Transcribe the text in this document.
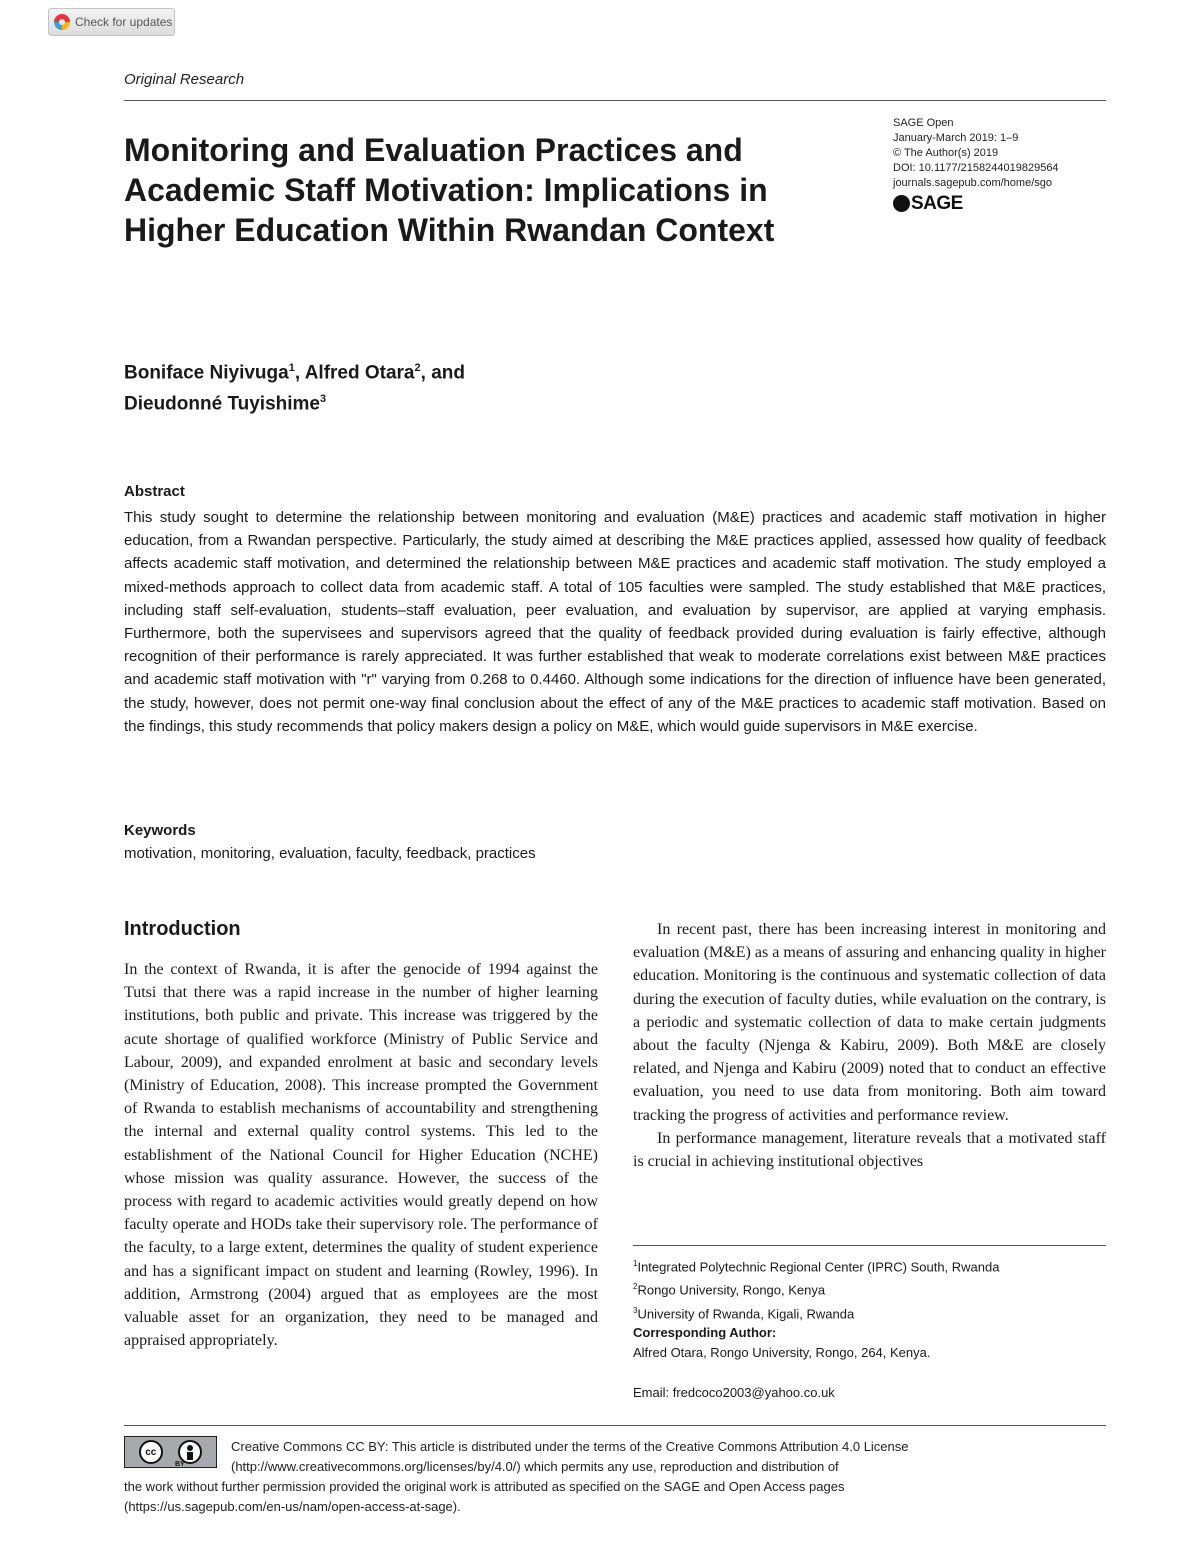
Check for updates
Original Research
Monitoring and Evaluation Practices and Academic Staff Motivation: Implications in Higher Education Within Rwandan Context
SAGE Open
January-March 2019: 1–9
© The Author(s) 2019
DOI: 10.1177/2158244019829564
journals.sagepub.com/home/sgo
SAGE
Boniface Niyivuga$^1$, Alfred Otara$^2$, and
Dieudonné Tuyishime$^3$
Abstract

This study sought to determine the relationship between monitoring and evaluation (M&E) practices and academic staff motivation in higher education, from a Rwandan perspective. Particularly, the study aimed at describing the M&E practices applied, assessed how quality of feedback affects academic staff motivation, and determined the relationship between M&E practices and academic staff motivation. The study employed a mixed-methods approach to collect data from academic staff. A total of 105 faculties were sampled. The study established that M&E practices, including staff self-evaluation, students–staff evaluation, peer evaluation, and evaluation by supervisor, are applied at varying emphasis. Furthermore, both the supervisees and supervisors agreed that the quality of feedback provided during evaluation is fairly effective, although recognition of their performance is rarely appreciated. It was further established that weak to moderate correlations exist between M&E practices and academic staff motivation with "r" varying from 0.268 to 0.4460. Although some indications for the direction of influence have been generated, the study, however, does not permit one-way final conclusion about the effect of any of the M&E practices to academic staff motivation. Based on the findings, this study recommends that policy makers design a policy on M&E, which would guide supervisors in M&E exercise.

Keywords

motivation, monitoring, evaluation, faculty, feedback, practices

Introduction

In the context of Rwanda, it is after the genocide of 1994 against the Tutsi that there was a rapid increase in the number of higher learning institutions, both public and private. This increase was triggered by the acute shortage of qualified workforce (Ministry of Public Service and Labour, 2009), and expanded enrolment at basic and secondary levels (Ministry of Education, 2008). This increase prompted the Government of Rwanda to establish mechanisms of accountability and strengthening the internal and external quality control systems. This led to the establishment of the National Council for Higher Education (NCHE) whose mission was quality assurance. However, the success of the process with regard to academic activities would greatly depend on how faculty operate and HODs take their supervisory role. The performance of the faculty, to a large extent, determines the quality of student experience and has a significant impact on student and learning (Rowley, 1996). In addition, Armstrong (2004) argued that as employees are the most valuable asset for an organization, they need to be managed and appraised appropriately.

In recent past, there has been increasing interest in monitoring and evaluation (M&E) as a means of assuring and enhancing quality in higher education. Monitoring is the continuous and systematic collection of data during the execution of faculty duties, while evaluation on the contrary, is a periodic and systematic collection of data to make certain judgments about the faculty (Njenga & Kabiru, 2009). Both M&E are closely related, and Njenga and Kabiru (2009) noted that to conduct an effective evaluation, you need to use data from monitoring. Both aim toward tracking the progress of activities and performance review.

In performance management, literature reveals that a motivated staff is crucial in achieving institutional objectives

$^1$Integrated Polytechnic Regional Center (IPRC) South, Rwanda
$^2$Rongo University, Rongo, Kenya
$^3$University of Rwanda, Kigali, Rwanda
Corresponding Author:
Alfred Otara, Rongo University, Rongo, 264, Kenya.
Email: fredcoco2003@yahoo.co.uk
cc
BY
Creative Commons CC BY: This article is distributed under the terms of the Creative Commons Attribution 4.0 License
(http://www.creativecommons.org/licenses/by/4.0/) which permits any use, reproduction and distribution of
the work without further permission provided the original work is attributed as specified on the SAGE and Open Access pages
(https://us.sagepub.com/en-us/nam/open-access-at-sage).
